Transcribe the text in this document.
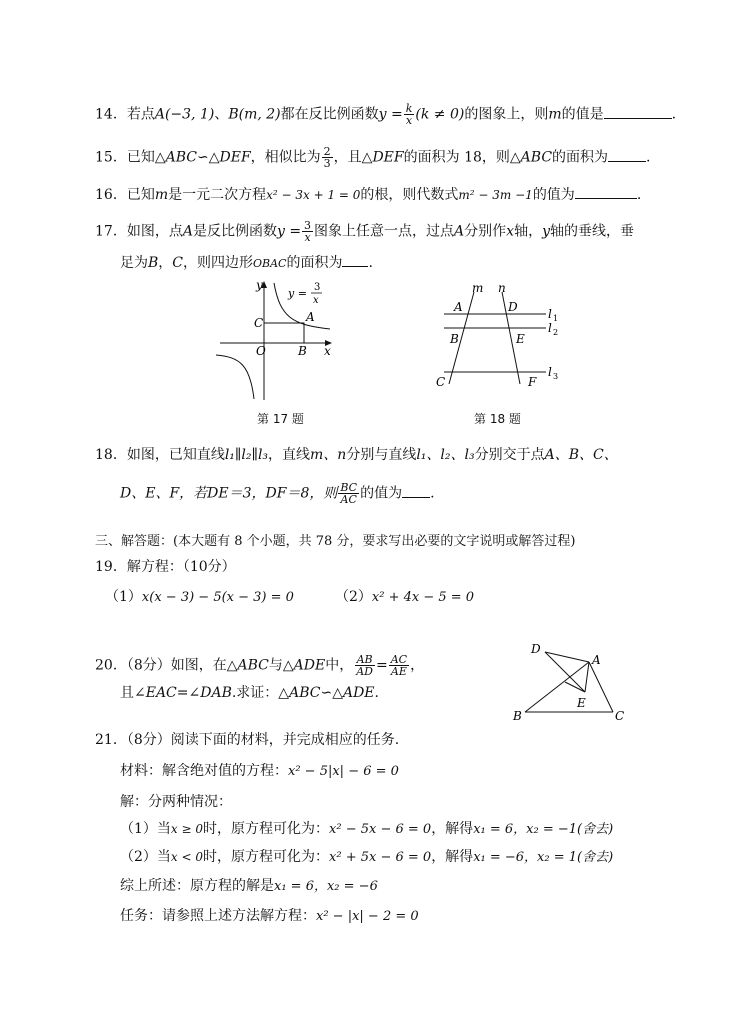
14．若点A(−3, 1)、B(m, 2)都在反比例函数$y = \frac{k}{x} (k \ne 0)$的图象上，则m的值是	.
15．已知△ABC∽△DEF，相似比为 $\frac{2}{3}$ ，且△DEF的面积为 18，则△ABC的面积为	.
16．已知m是一元二次方程x² − 3x + 1 = 0的根，则代数式m² − 3m −1的值为	.
17．如图，点A是反比例函数$y = \frac{3}{x}$ 图象上任意一点，过点A分别作x轴，y轴的垂线，垂
足为B，C，则四边形OBAC的面积为 .
y
x
O	B
C	A
y = 3
x
第 17 题
m n
A	D
B	E
C	F
l 1
l 2
l 3
第 18 题
18．如图，已知直线l₁∥l₂∥l₃，直线m、n分别与直线l₁、l₂、l₃分别交于点A、B、C、
D、E、F，若DE＝3，DF＝8，则 $\frac{BC}{AC}$ 的值为 .
三、解答题：(本大题有 8 个小题，共 78 分，要求写出必要的文字说明或解答过程)
19．解方程：（10分）
（1）x(x − 3) − 5(x − 3) = 0	（2）x² + 4x − 5 = 0
20．（8分）如图，在△ABC与△ADE中， $\frac{AB}{AD} = \frac{AC}{AE}$ ，
且∠EAC=∠DAB.求证：△ABC∽△ADE.
D
A
E
B	C
21．（8分）阅读下面的材料，并完成相应的任务.
材料：解含绝对值的方程：x² − 5|x| − 6 = 0
解：分两种情况：
（1）当x ≥ 0时，原方程可化为：x² − 5x − 6 = 0，解得x₁ = 6，x₂ = −1(舍去)
（2）当x < 0时，原方程可化为：x² + 5x − 6 = 0，解得x₁ = −6，x₂ = 1(舍去)
综上所述：原方程的解是x₁ = 6，x₂ = −6
任务：请参照上述方法解方程：x² − |x| − 2 = 0
